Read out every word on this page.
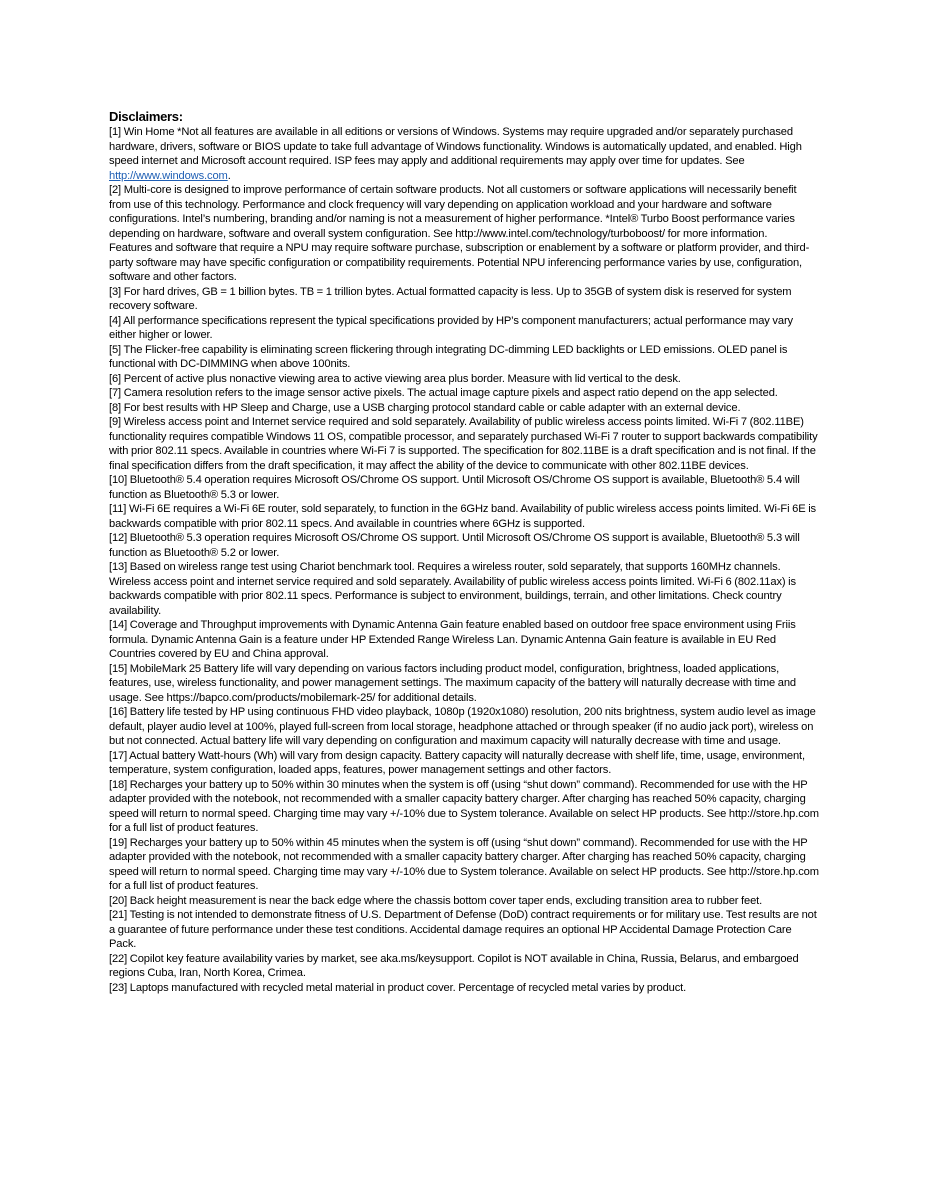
Disclaimers:

[1] Win Home *Not all features are available in all editions or versions of Windows. Systems may require upgraded and/or separately purchased hardware, drivers, software or BIOS update to take full advantage of Windows functionality. Windows is automatically updated, and enabled. High speed internet and Microsoft account required. ISP fees may apply and additional requirements may apply over time for updates. See http://www.windows.com.

[2] Multi-core is designed to improve performance of certain software products. Not all customers or software applications will necessarily benefit from use of this technology. Performance and clock frequency will vary depending on application workload and your hardware and software configurations. Intel’s numbering, branding and/or naming is not a measurement of higher performance. *Intel® Turbo Boost performance varies depending on hardware, software and overall system configuration. See http://www.intel.com/technology/turboboost/ for more information.

Features and software that require a NPU may require software purchase, subscription or enablement by a software or platform provider, and third-party software may have specific configuration or compatibility requirements. Potential NPU inferencing performance varies by use, configuration, software and other factors.

[3] For hard drives, GB = 1 billion bytes. TB = 1 trillion bytes. Actual formatted capacity is less. Up to 35GB of system disk is reserved for system recovery software.

[4] All performance specifications represent the typical specifications provided by HP’s component manufacturers; actual performance may vary either higher or lower.

[5] The Flicker-free capability is eliminating screen flickering through integrating DC-dimming LED backlights or LED emissions. OLED panel is functional with DC-DIMMING when above 100nits.

[6] Percent of active plus nonactive viewing area to active viewing area plus border. Measure with lid vertical to the desk.

[7] Camera resolution refers to the image sensor active pixels. The actual image capture pixels and aspect ratio depend on the app selected.

[8] For best results with HP Sleep and Charge, use a USB charging protocol standard cable or cable adapter with an external device.

[9] Wireless access point and Internet service required and sold separately. Availability of public wireless access points limited. Wi-Fi 7 (802.11BE) functionality requires compatible Windows 11 OS, compatible processor, and separately purchased Wi-Fi 7 router to support backwards compatibility with prior 802.11 specs. Available in countries where Wi-Fi 7 is supported. The specification for 802.11BE is a draft specification and is not final. If the final specification differs from the draft specification, it may affect the ability of the device to communicate with other 802.11BE devices.

[10] Bluetooth® 5.4 operation requires Microsoft OS/Chrome OS support. Until Microsoft OS/Chrome OS support is available, Bluetooth® 5.4 will function as Bluetooth® 5.3 or lower.

[11] Wi-Fi 6E requires a Wi-Fi 6E router, sold separately, to function in the 6GHz band. Availability of public wireless access points limited. Wi-Fi 6E is backwards compatible with prior 802.11 specs. And available in countries where 6GHz is supported.

[12] Bluetooth® 5.3 operation requires Microsoft OS/Chrome OS support. Until Microsoft OS/Chrome OS support is available, Bluetooth® 5.3 will function as Bluetooth® 5.2 or lower.

[13] Based on wireless range test using Chariot benchmark tool. Requires a wireless router, sold separately, that supports 160MHz channels. Wireless access point and internet service required and sold separately. Availability of public wireless access points limited. Wi-Fi 6 (802.11ax) is backwards compatible with prior 802.11 specs. Performance is subject to environment, buildings, terrain, and other limitations. Check country availability.

[14] Coverage and Throughput improvements with Dynamic Antenna Gain feature enabled based on outdoor free space environment using Friis formula. Dynamic Antenna Gain is a feature under HP Extended Range Wireless Lan. Dynamic Antenna Gain feature is available in EU Red Countries covered by EU and China approval.

[15] MobileMark 25 Battery life will vary depending on various factors including product model, configuration, brightness, loaded applications, features, use, wireless functionality, and power management settings. The maximum capacity of the battery will naturally decrease with time and usage. See https://bapco.com/products/mobilemark-25/ for additional details.

[16] Battery life tested by HP using continuous FHD video playback, 1080p (1920x1080) resolution, 200 nits brightness, system audio level as image default, player audio level at 100%, played full-screen from local storage, headphone attached or through speaker (if no audio jack port), wireless on but not connected. Actual battery life will vary depending on configuration and maximum capacity will naturally decrease with time and usage.

[17] Actual battery Watt-hours (Wh) will vary from design capacity. Battery capacity will naturally decrease with shelf life, time, usage, environment, temperature, system configuration, loaded apps, features, power management settings and other factors.

[18] Recharges your battery up to 50% within 30 minutes when the system is off (using “shut down” command). Recommended for use with the HP adapter provided with the notebook, not recommended with a smaller capacity battery charger. After charging has reached 50% capacity, charging speed will return to normal speed. Charging time may vary +/-10% due to System tolerance. Available on select HP products. See http://store.hp.com for a full list of product features.

[19] Recharges your battery up to 50% within 45 minutes when the system is off (using “shut down” command). Recommended for use with the HP adapter provided with the notebook, not recommended with a smaller capacity battery charger. After charging has reached 50% capacity, charging speed will return to normal speed. Charging time may vary +/-10% due to System tolerance. Available on select HP products. See http://store.hp.com for a full list of product features.

[20] Back height measurement is near the back edge where the chassis bottom cover taper ends, excluding transition area to rubber feet.

[21] Testing is not intended to demonstrate fitness of U.S. Department of Defense (DoD) contract requirements or for military use. Test results are not a guarantee of future performance under these test conditions. Accidental damage requires an optional HP Accidental Damage Protection Care Pack.

[22] Copilot key feature availability varies by market, see aka.ms/keysupport. Copilot is NOT available in China, Russia, Belarus, and embargoed regions Cuba, Iran, North Korea, Crimea.

[23] Laptops manufactured with recycled metal material in product cover. Percentage of recycled metal varies by product.
